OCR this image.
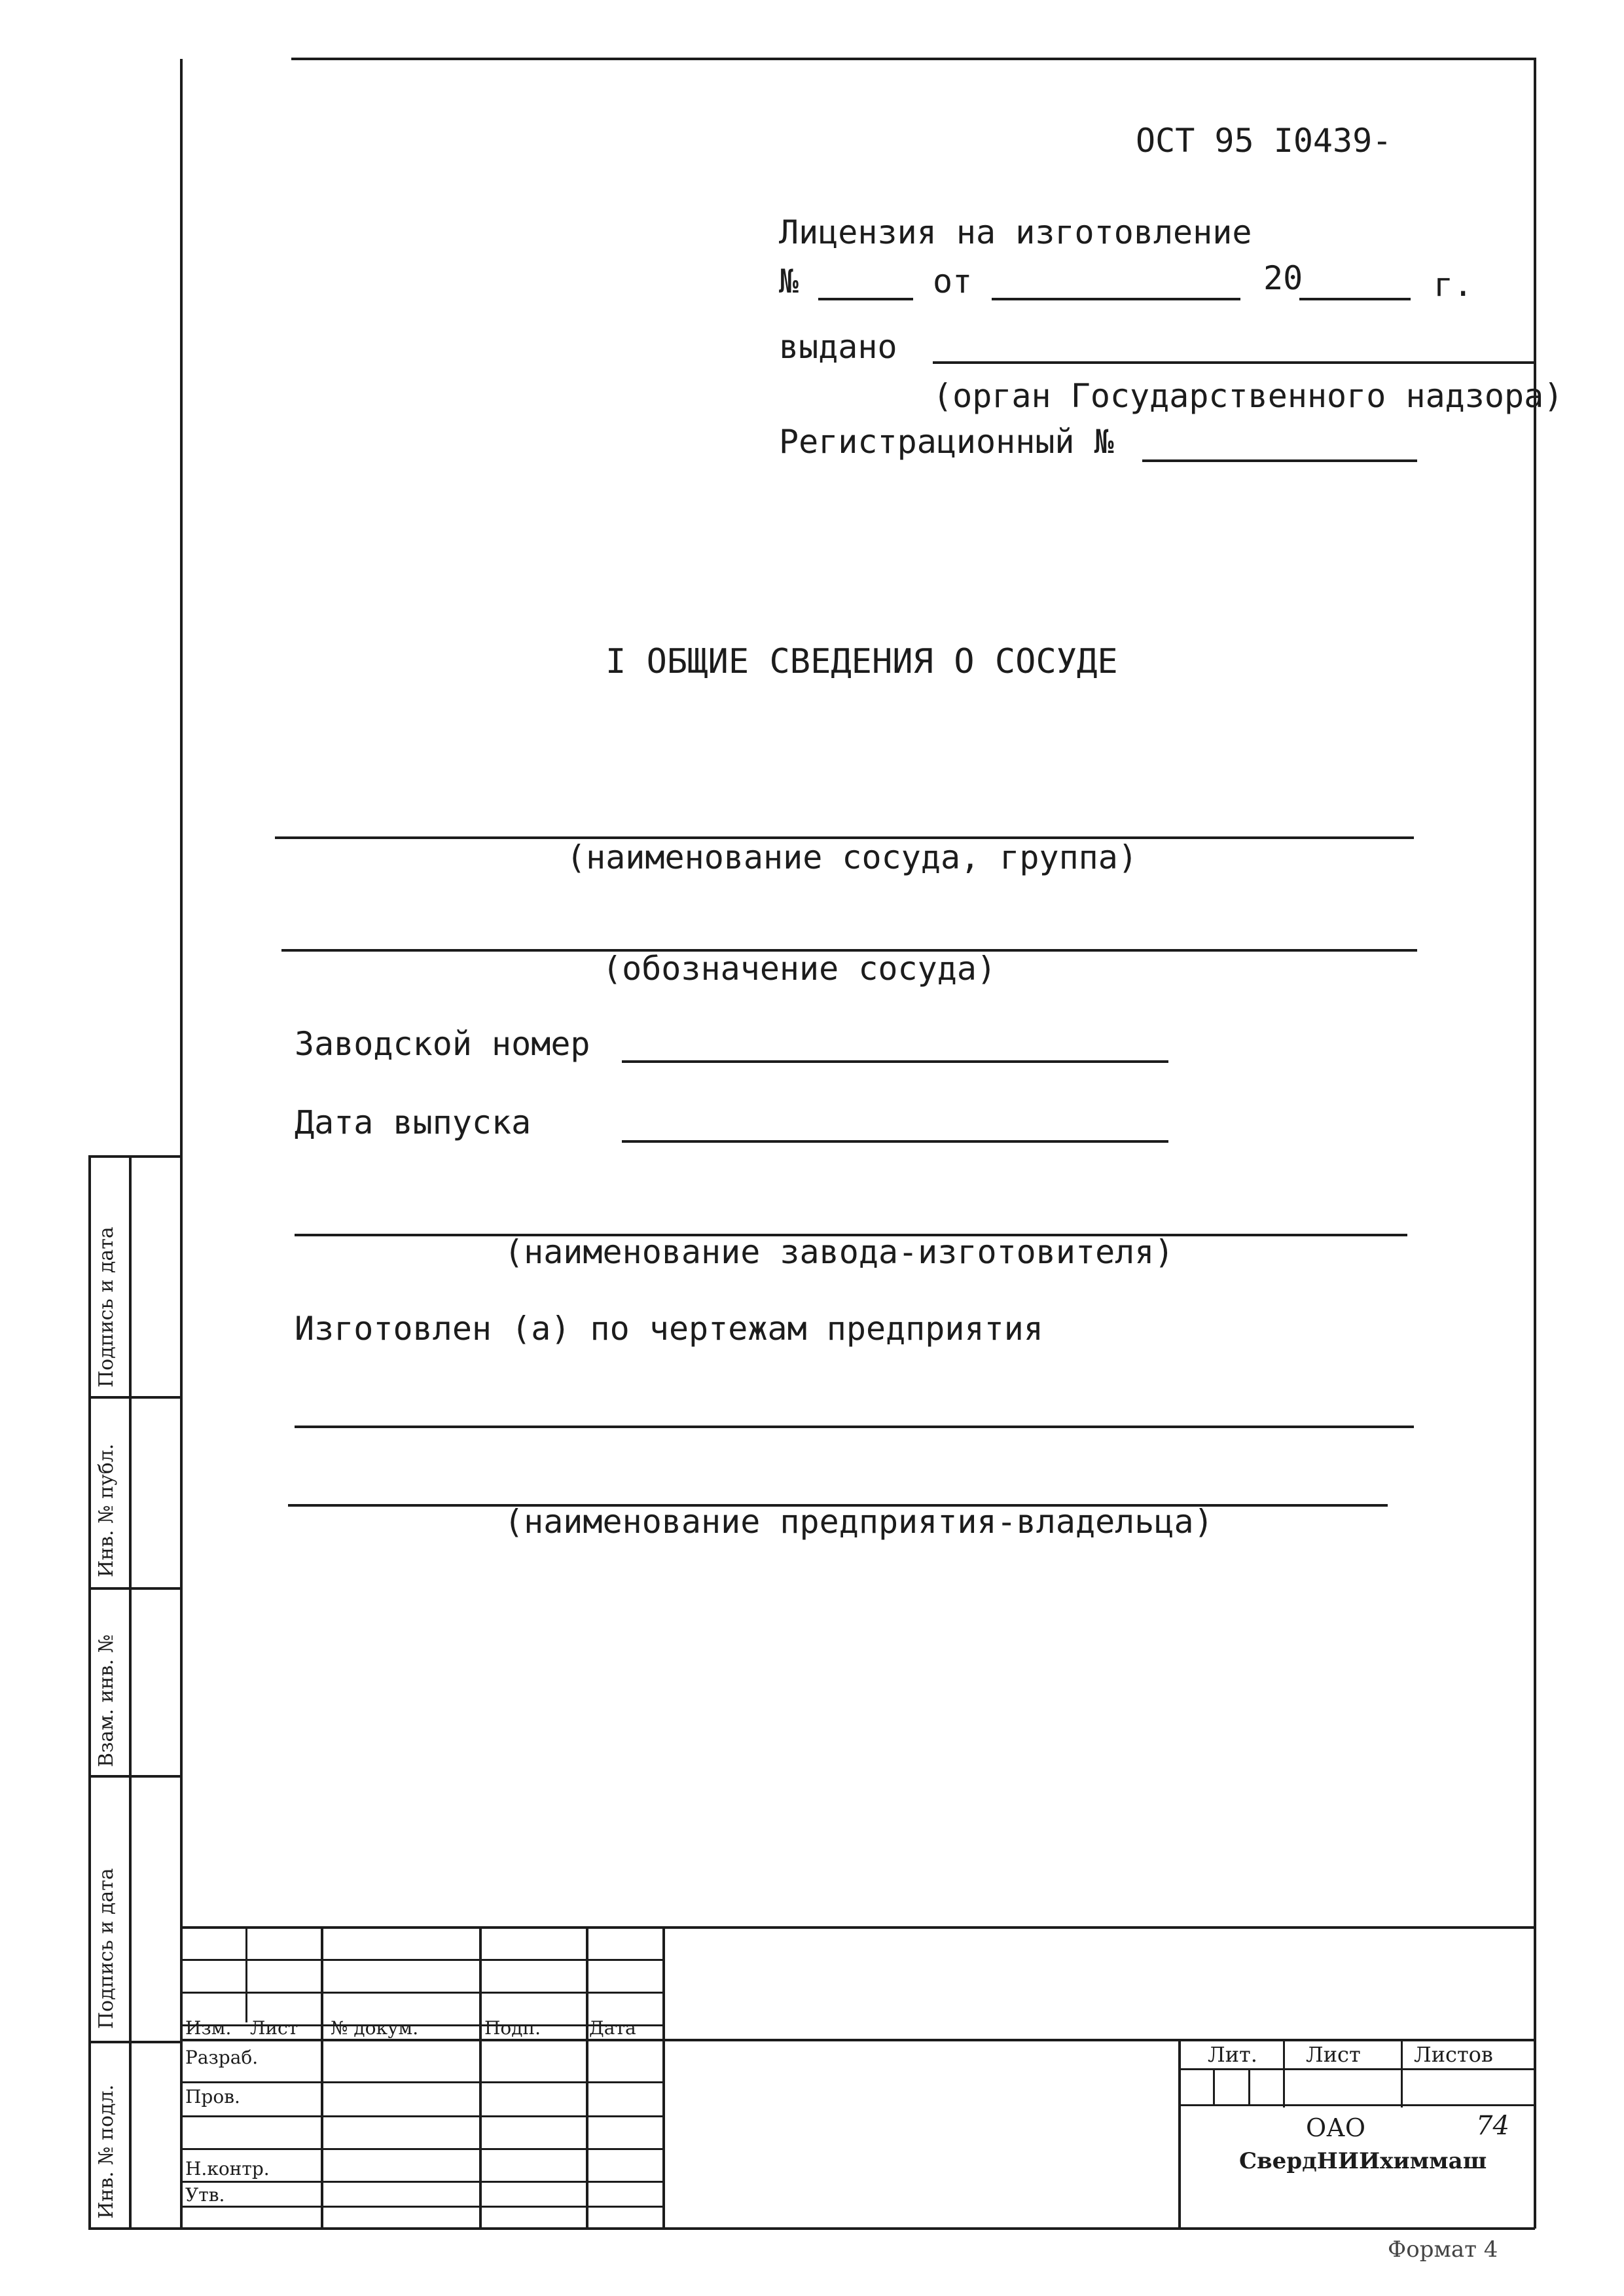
ОСТ 95 I0439-
Лицензия на изготовление
№	от	20	г.
выдано
(орган Государственного надзора)
Регистрационный №
I ОБЩИЕ СВЕДЕНИЯ О СОСУДЕ
(наименование сосуда, группа)
(обозначение сосуда)
Заводской номер
Дата выпуска
(наименование завода-изготовителя)
Изготовлен (а) по чертежам предприятия
(наименование предприятия-владельца)
Подпись и дата
Инв. № публ.
Взам. инв. №
Подпись и дата
Инв. № подл.
Изм. Лист № докум.	Подп.	Дата
Разраб.
Пров.
Н.контр.
Утв.
Лит. Лист	Листов
ОАО	74
СвердНИИхиммаш
Формат 4
